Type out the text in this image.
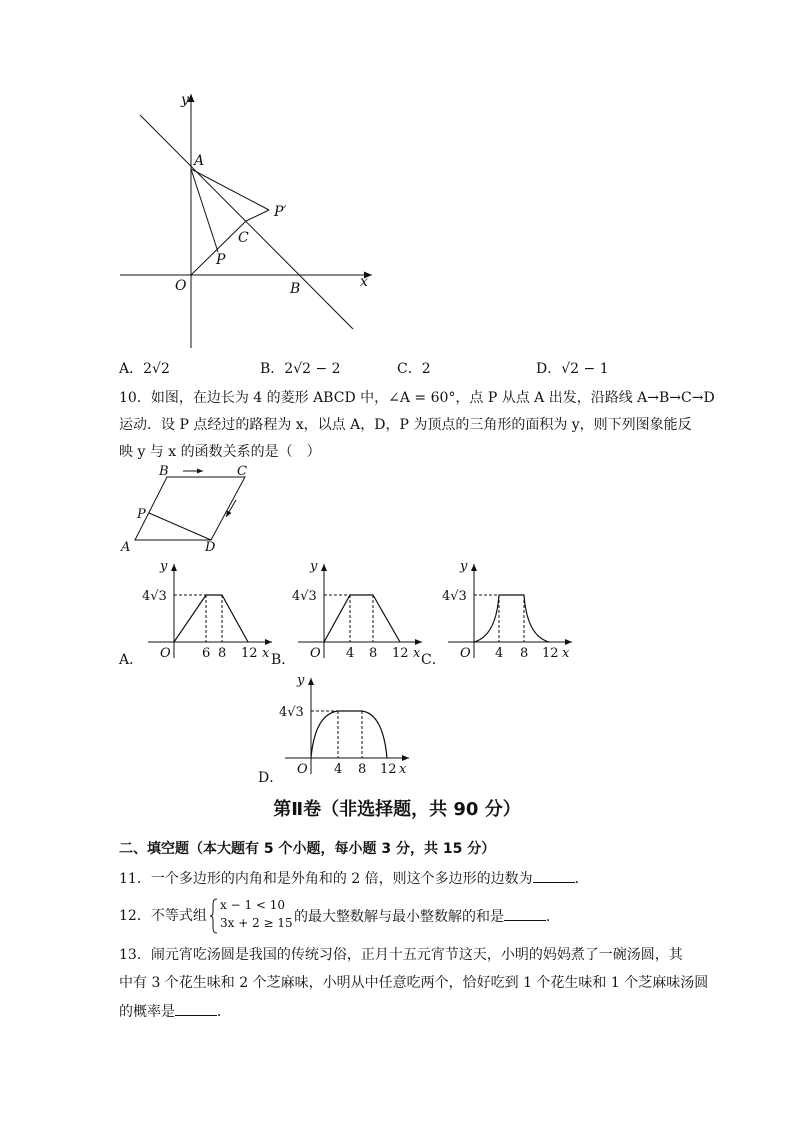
y
x
A
O	B
C
P
P′
A．2√2	B．2√2 − 2	C．2	D．√2 − 1
10．如图，在边长为 4 的菱形 ABCD 中，∠A = 60°，点 P 从点 A 出发，沿路线 A→B→C→D
运动．设 P 点经过的路程为 x，以点 A，D，P 为顶点的三角形的面积为 y，则下列图象能反
映 y 与 x 的函数关系的是（　）
A
B	C
D
P
y
4√3
O 6 8 12 x
A．
y
4√3
O 4 8 12 x
B．
y
4√3
O 4 8 12 x
C．
y
4√3
O 4 8 12 x
D．
第Ⅱ卷（非选择题，共 90 分）
二、填空题（本大题有 5 个小题，每小题 3 分，共 15 分）
11．一个多边形的内角和是外角和的 2 倍，则这个多边形的边数为	．
12．不等式组
x − 1 < 10
3x + 2 ≥ 15 的最大整数解与最小整数解的和是	．
13．闹元宵吃汤圆是我国的传统习俗，正月十五元宵节这天，小明的妈妈煮了一碗汤圆，其
中有 3 个花生味和 2 个芝麻味，小明从中任意吃两个，恰好吃到 1 个花生味和 1 个芝麻味汤圆
的概率是	．
